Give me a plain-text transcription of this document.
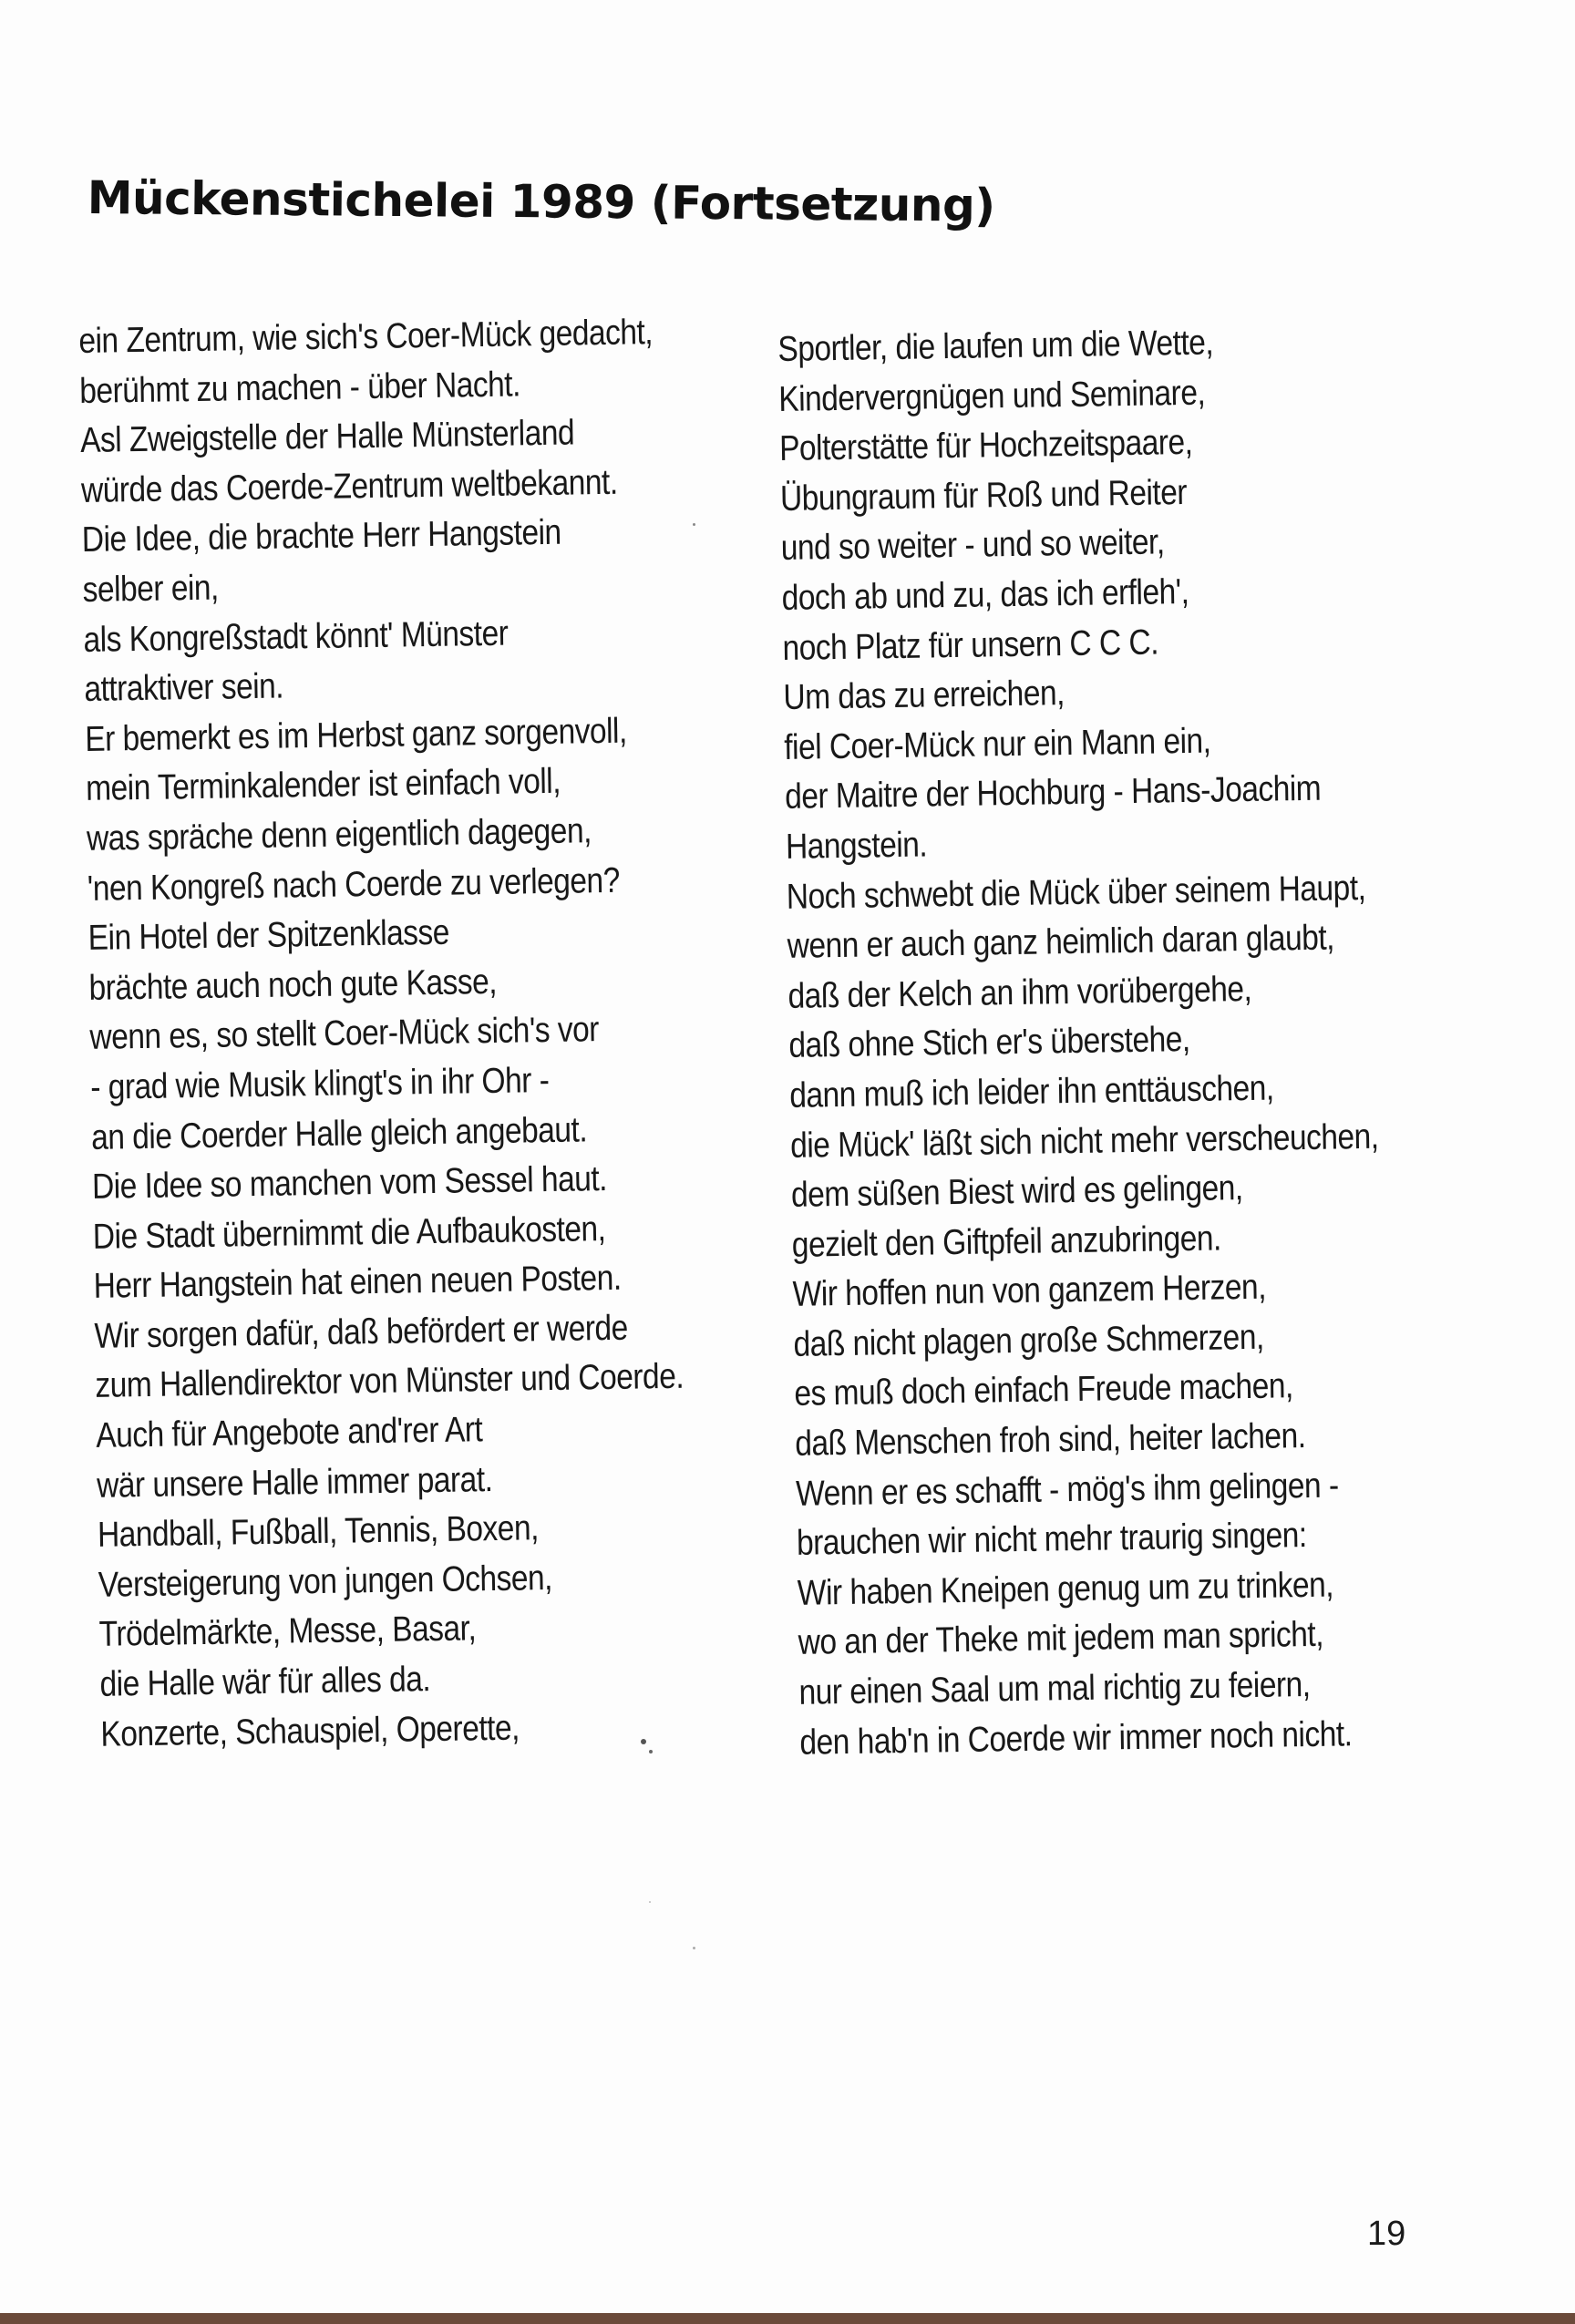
Mückenstichelei 1989 (Fortsetzung)
ein Zentrum, wie sich's Coer-Mück gedacht,
berühmt zu machen - über Nacht.
Asl Zweigstelle der Halle Münsterland
würde das Coerde-Zentrum weltbekannt.
Die Idee, die brachte Herr Hangstein
selber ein,
als Kongreßstadt könnt' Münster
attraktiver sein.
Er bemerkt es im Herbst ganz sorgenvoll,
mein Terminkalender ist einfach voll,
was spräche denn eigentlich dagegen,
'nen Kongreß nach Coerde zu verlegen?
Ein Hotel der Spitzenklasse
brächte auch noch gute Kasse,
wenn es, so stellt Coer-Mück sich's vor
- grad wie Musik klingt's in ihr Ohr -
an die Coerder Halle gleich angebaut.
Die Idee so manchen vom Sessel haut.
Die Stadt übernimmt die Aufbaukosten,
Herr Hangstein hat einen neuen Posten.
Wir sorgen dafür, daß befördert er werde
zum Hallendirektor von Münster und Coerde.
Auch für Angebote and'rer Art
wär unsere Halle immer parat.
Handball, Fußball, Tennis, Boxen,
Versteigerung von jungen Ochsen,
Trödelmärkte, Messe, Basar,
die Halle wär für alles da.
Konzerte, Schauspiel, Operette,
Sportler, die laufen um die Wette,
Kindervergnügen und Seminare,
Polterstätte für Hochzeitspaare,
Übungraum für Roß und Reiter
und so weiter - und so weiter,
doch ab und zu, das ich erfleh',
noch Platz für unsern C C C.
Um das zu erreichen,
fiel Coer-Mück nur ein Mann ein,
der Maitre der Hochburg - Hans-Joachim
Hangstein.
Noch schwebt die Mück über seinem Haupt,
wenn er auch ganz heimlich daran glaubt,
daß der Kelch an ihm vorübergehe,
daß ohne Stich er's überstehe,
dann muß ich leider ihn enttäuschen,
die Mück' läßt sich nicht mehr verscheuchen,
dem süßen Biest wird es gelingen,
gezielt den Giftpfeil anzubringen.
Wir hoffen nun von ganzem Herzen,
daß nicht plagen große Schmerzen,
es muß doch einfach Freude machen,
daß Menschen froh sind, heiter lachen.
Wenn er es schafft - mög's ihm gelingen -
brauchen wir nicht mehr traurig singen:
Wir haben Kneipen genug um zu trinken,
wo an der Theke mit jedem man spricht,
nur einen Saal um mal richtig zu feiern,
den hab'n in Coerde wir immer noch nicht.
19
